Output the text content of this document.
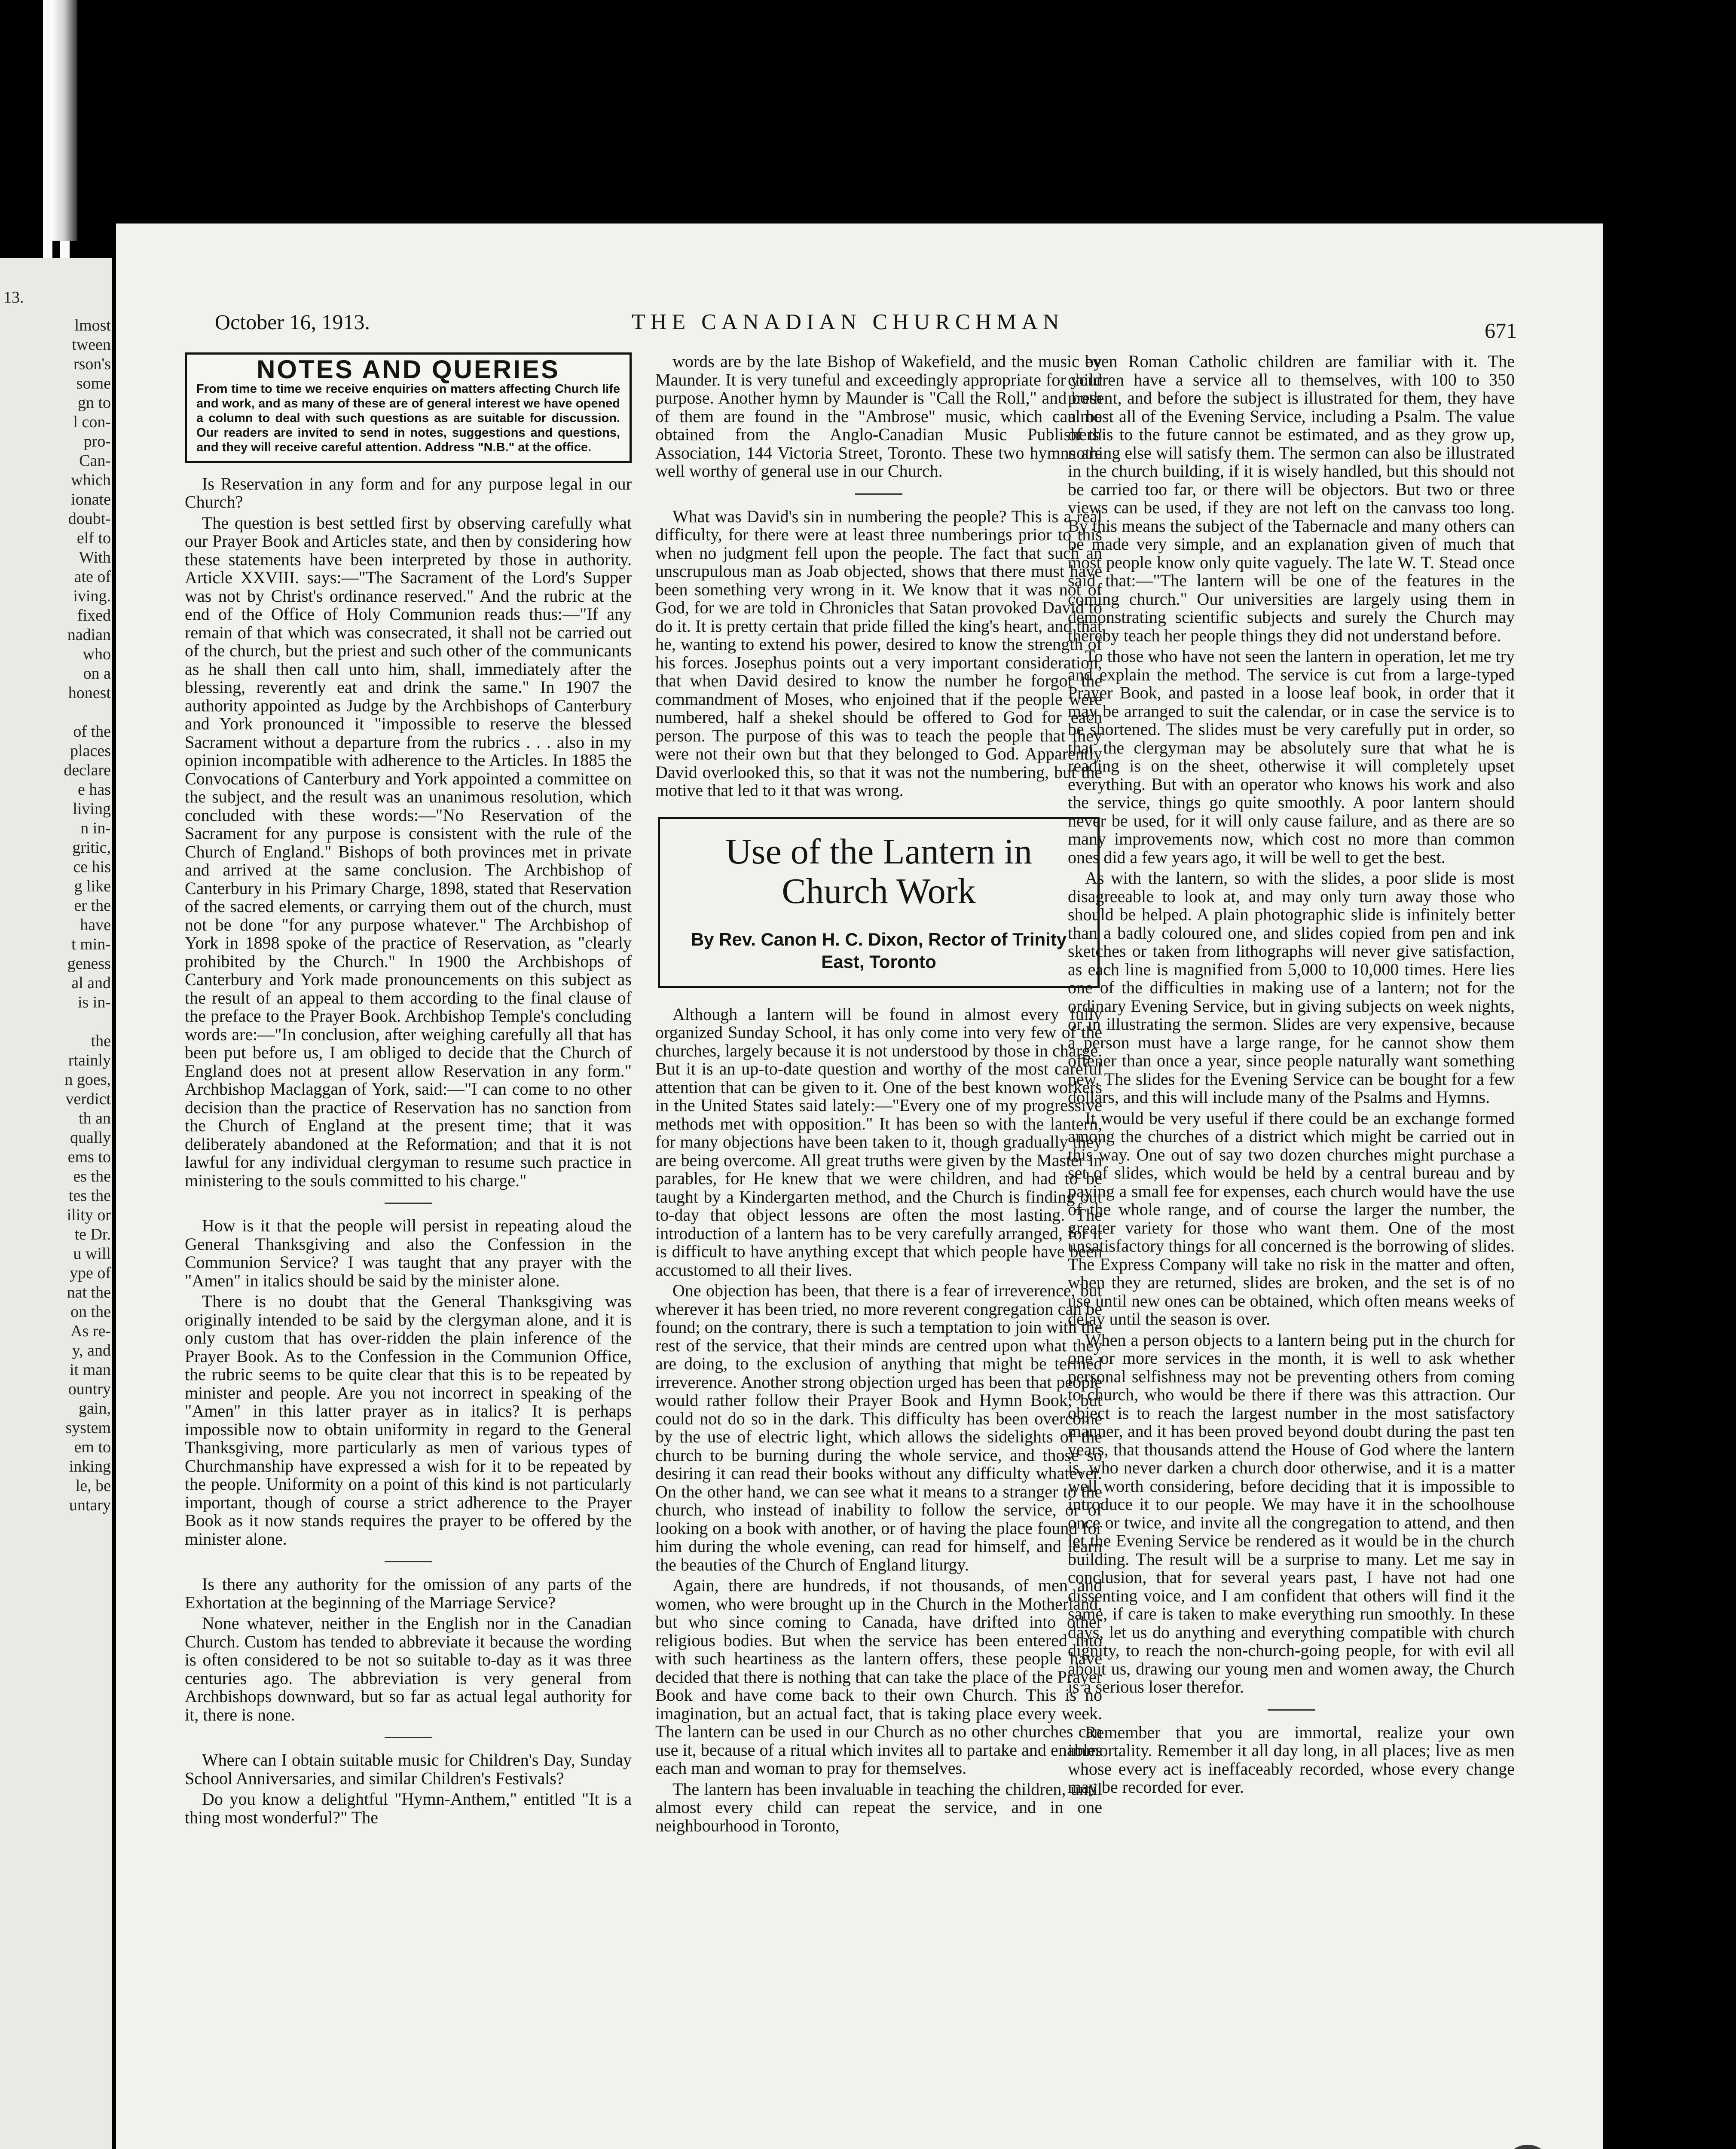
13.
lmost
tween
rson's
some
gn to
l con-
pro-
Can-
which
ionate
doubt-
elf to
With
ate of
iving.
fixed
nadian
who
on a
honest

of the
places
declare
e has
living
n in-
gritic,
ce his
g like
er the
have
t min-
geness
al and
is in-

the
rtainly
n goes,
verdict
th an
qually
ems to
es the
tes the
ility or
te Dr.
u will
ype of
nat the
on the
As re-
y, and
it man
ountry
gain,
system
em to
inking
le, be
untary
October 16, 1913.	THE CANADIAN CHURCHMAN	671
NOTES AND QUERIES
From time to time we receive enquiries on matters affecting Church life and work, and as many of these are of general interest we have opened a column to deal with such questions as are suitable for discussion. Our readers are invited to send in notes, suggestions and questions, and they will receive careful attention. Address "N.B." at the office.

Is Reservation in any form and for any purpose legal in our Church?

The question is best settled first by observing carefully what our Prayer Book and Articles state, and then by considering how these statements have been interpreted by those in authority. Article XXVIII. says:—"The Sacrament of the Lord's Supper was not by Christ's ordinance reserved." And the rubric at the end of the Office of Holy Communion reads thus:—"If any remain of that which was consecrated, it shall not be carried out of the church, but the priest and such other of the communicants as he shall then call unto him, shall, immediately after the blessing, reverently eat and drink the same." In 1907 the authority appointed as Judge by the Archbishops of Canterbury and York pronounced it "impossible to reserve the blessed Sacrament without a departure from the rubrics . . . also in my opinion incompatible with adherence to the Articles. In 1885 the Convocations of Canterbury and York appointed a committee on the subject, and the result was an unanimous resolution, which concluded with these words:—"No Reservation of the Sacrament for any purpose is consistent with the rule of the Church of England." Bishops of both provinces met in private and arrived at the same conclusion. The Archbishop of Canterbury in his Primary Charge, 1898, stated that Reservation of the sacred elements, or carrying them out of the church, must not be done "for any purpose whatever." The Archbishop of York in 1898 spoke of the practice of Reservation, as "clearly prohibited by the Church." In 1900 the Archbishops of Canterbury and York made pronouncements on this subject as the result of an appeal to them according to the final clause of the preface to the Prayer Book. Archbishop Temple's concluding words are:—"In conclusion, after weighing carefully all that has been put before us, I am obliged to decide that the Church of England does not at present allow Reservation in any form." Archbishop Maclaggan of York, said:—"I can come to no other decision than the practice of Reservation has no sanction from the Church of England at the present time; that it was deliberately abandoned at the Reformation; and that it is not lawful for any individual clergyman to resume such practice in ministering to the souls committed to his charge."

How is it that the people will persist in repeating aloud the General Thanksgiving and also the Confession in the Communion Service? I was taught that any prayer with the "Amen" in italics should be said by the minister alone.

There is no doubt that the General Thanksgiving was originally intended to be said by the clergyman alone, and it is only custom that has over-ridden the plain inference of the Prayer Book. As to the Confession in the Communion Office, the rubric seems to be quite clear that this is to be repeated by minister and people. Are you not incorrect in speaking of the "Amen" in this latter prayer as in italics? It is perhaps impossible now to obtain uniformity in regard to the General Thanksgiving, more particularly as men of various types of Churchmanship have expressed a wish for it to be repeated by the people. Uniformity on a point of this kind is not particularly important, though of course a strict adherence to the Prayer Book as it now stands requires the prayer to be offered by the minister alone.

Is there any authority for the omission of any parts of the Exhortation at the beginning of the Marriage Service?

None whatever, neither in the English nor in the Canadian Church. Custom has tended to abbreviate it because the wording is often considered to be not so suitable to-day as it was three centuries ago. The abbreviation is very general from Archbishops downward, but so far as actual legal authority for it, there is none.

Where can I obtain suitable music for Children's Day, Sunday School Anniversaries, and similar Children's Festivals?

Do you know a delightful "Hymn-Anthem," entitled "It is a thing most wonderful?" The

words are by the late Bishop of Wakefield, and the music by Maunder. It is very tuneful and exceedingly appropriate for your purpose. Another hymn by Maunder is "Call the Roll," and both of them are found in the "Ambrose" music, which can be obtained from the Anglo-Canadian Music Publishers' Association, 144 Victoria Street, Toronto. These two hymns are well worthy of general use in our Church.

What was David's sin in numbering the people? This is a real difficulty, for there were at least three numberings prior to this when no judgment fell upon the people. The fact that such an unscrupulous man as Joab objected, shows that there must have been something very wrong in it. We know that it was not of God, for we are told in Chronicles that Satan provoked David to do it. It is pretty certain that pride filled the king's heart, and that he, wanting to extend his power, desired to know the strength of his forces. Josephus points out a very important consideration, that when David desired to know the number he forgot the commandment of Moses, who enjoined that if the people were numbered, half a shekel should be offered to God for each person. The purpose of this was to teach the people that they were not their own but that they belonged to God. Apparently David overlooked this, so that it was not the numbering, but the motive that led to it that was wrong.

Use of the Lantern in Church Work
By Rev. Canon H. C. Dixon, Rector of Trinity East, Toronto

Although a lantern will be found in almost every fully organized Sunday School, it has only come into very few of the churches, largely because it is not understood by those in charge. But it is an up-to-date question and worthy of the most careful attention that can be given to it. One of the best known workers in the United States said lately:—"Every one of my progressive methods met with opposition." It has been so with the lantern, for many objections have been taken to it, though gradually they are being overcome. All great truths were given by the Master in parables, for He knew that we were children, and had to be taught by a Kindergarten method, and the Church is finding out to-day that object lessons are often the most lasting. The introduction of a lantern has to be very carefully arranged, for it is difficult to have anything except that which people have been accustomed to all their lives.

One objection has been, that there is a fear of irreverence, but wherever it has been tried, no more reverent congregation can be found; on the contrary, there is such a temptation to join with the rest of the service, that their minds are centred upon what they are doing, to the exclusion of anything that might be termed irreverence. Another strong objection urged has been that people would rather follow their Prayer Book and Hymn Book, but could not do so in the dark. This difficulty has been overcome by the use of electric light, which allows the sidelights of the church to be burning during the whole service, and those so desiring it can read their books without any difficulty whatever. On the other hand, we can see what it means to a stranger to the church, who instead of inability to follow the service, or of looking on a book with another, or of having the place found for him during the whole evening, can read for himself, and learn the beauties of the Church of England liturgy.

Again, there are hundreds, if not thousands, of men and women, who were brought up in the Church in the Motherland, but who since coming to Canada, have drifted into other religious bodies. But when the service has been entered into with such heartiness as the lantern offers, these people have decided that there is nothing that can take the place of the Prayer Book and have come back to their own Church. This is no imagination, but an actual fact, that is taking place every week. The lantern can be used in our Church as no other churches can use it, because of a ritual which invites all to partake and enables each man and woman to pray for themselves.

The lantern has been invaluable in teaching the children, until almost every child can repeat the service, and in one neighbourhood in Toronto,

even Roman Catholic children are familiar with it. The children have a service all to themselves, with 100 to 350 present, and before the subject is illustrated for them, they have almost all of the Evening Service, including a Psalm. The value of this to the future cannot be estimated, and as they grow up, nothing else will satisfy them. The sermon can also be illustrated in the church building, if it is wisely handled, but this should not be carried too far, or there will be objectors. But two or three views can be used, if they are not left on the canvass too long. By this means the subject of the Tabernacle and many others can be made very simple, and an explanation given of much that most people know only quite vaguely. The late W. T. Stead once said that:—"The lantern will be one of the features in the coming church." Our universities are largely using them in demonstrating scientific subjects and surely the Church may thereby teach her people things they did not understand before.

To those who have not seen the lantern in operation, let me try and explain the method. The service is cut from a large-typed Prayer Book, and pasted in a loose leaf book, in order that it may be arranged to suit the calendar, or in case the service is to be shortened. The slides must be very carefully put in order, so that the clergyman may be absolutely sure that what he is reading is on the sheet, otherwise it will completely upset everything. But with an operator who knows his work and also the service, things go quite smoothly. A poor lantern should never be used, for it will only cause failure, and as there are so many improvements now, which cost no more than common ones did a few years ago, it will be well to get the best.

As with the lantern, so with the slides, a poor slide is most disagreeable to look at, and may only turn away those who should be helped. A plain photographic slide is infinitely better than a badly coloured one, and slides copied from pen and ink sketches or taken from lithographs will never give satisfaction, as each line is magnified from 5,000 to 10,000 times. Here lies one of the difficulties in making use of a lantern; not for the ordinary Evening Service, but in giving subjects on week nights, or in illustrating the sermon. Slides are very expensive, because a person must have a large range, for he cannot show them oftener than once a year, since people naturally want something new. The slides for the Evening Service can be bought for a few dollars, and this will include many of the Psalms and Hymns.

It would be very useful if there could be an exchange formed among the churches of a district which might be carried out in this way. One out of say two dozen churches might purchase a set of slides, which would be held by a central bureau and by paying a small fee for expenses, each church would have the use of the whole range, and of course the larger the number, the greater variety for those who want them. One of the most unsatisfactory things for all concerned is the borrowing of slides. The Express Company will take no risk in the matter and often, when they are returned, slides are broken, and the set is of no use until new ones can be obtained, which often means weeks of delay until the season is over.

When a person objects to a lantern being put in the church for one or more services in the month, it is well to ask whether personal selfishness may not be preventing others from coming to church, who would be there if there was this attraction. Our object is to reach the largest number in the most satisfactory manner, and it has been proved beyond doubt during the past ten years, that thousands attend the House of God where the lantern is, who never darken a church door otherwise, and it is a matter well worth considering, before deciding that it is impossible to introduce it to our people. We may have it in the schoolhouse once or twice, and invite all the congregation to attend, and then let the Evening Service be rendered as it would be in the church building. The result will be a surprise to many. Let me say in conclusion, that for several years past, I have not had one dissenting voice, and I am confident that others will find it the same, if care is taken to make everything run smoothly. In these days, let us do anything and everything compatible with church dignity, to reach the non-church-going people, for with evil all about us, drawing our young men and women away, the Church is a serious loser therefor.

Remember that you are immortal, realize your own immortality. Remember it all day long, in all places; live as men whose every act is ineffaceably recorded, whose every change may be recorded for ever.
